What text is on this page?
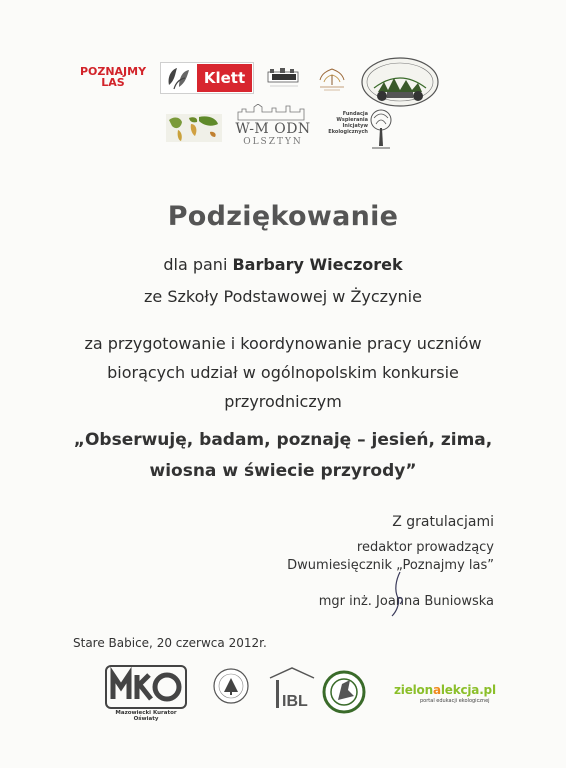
POZNAJMY LAS	Klett
W-M ODN
OLSZTYN
Fundacja Wspierania Inicjatyw Ekologicznych
Podziękowanie
dla pani Barbary Wieczorek
ze Szkoły Podstawowej w Życzynie
za przygotowanie i koordynowanie pracy uczniów
biorących udział w ogólnopolskim konkursie
przyrodniczym
„Obserwuję, badam, poznaję – jesień, zima,
wiosna w świecie przyrody”
Z gratulacjami
redaktor prowadzący
Dwumiesięcznik „Poznajmy las”
mgr inż. Joanna Buniowska
Stare Babice, 20 czerwca 2012r.
Mazowiecki Kurator Oświaty
IBL
zielonalekcja.pl
portal edukacji ekologicznej
